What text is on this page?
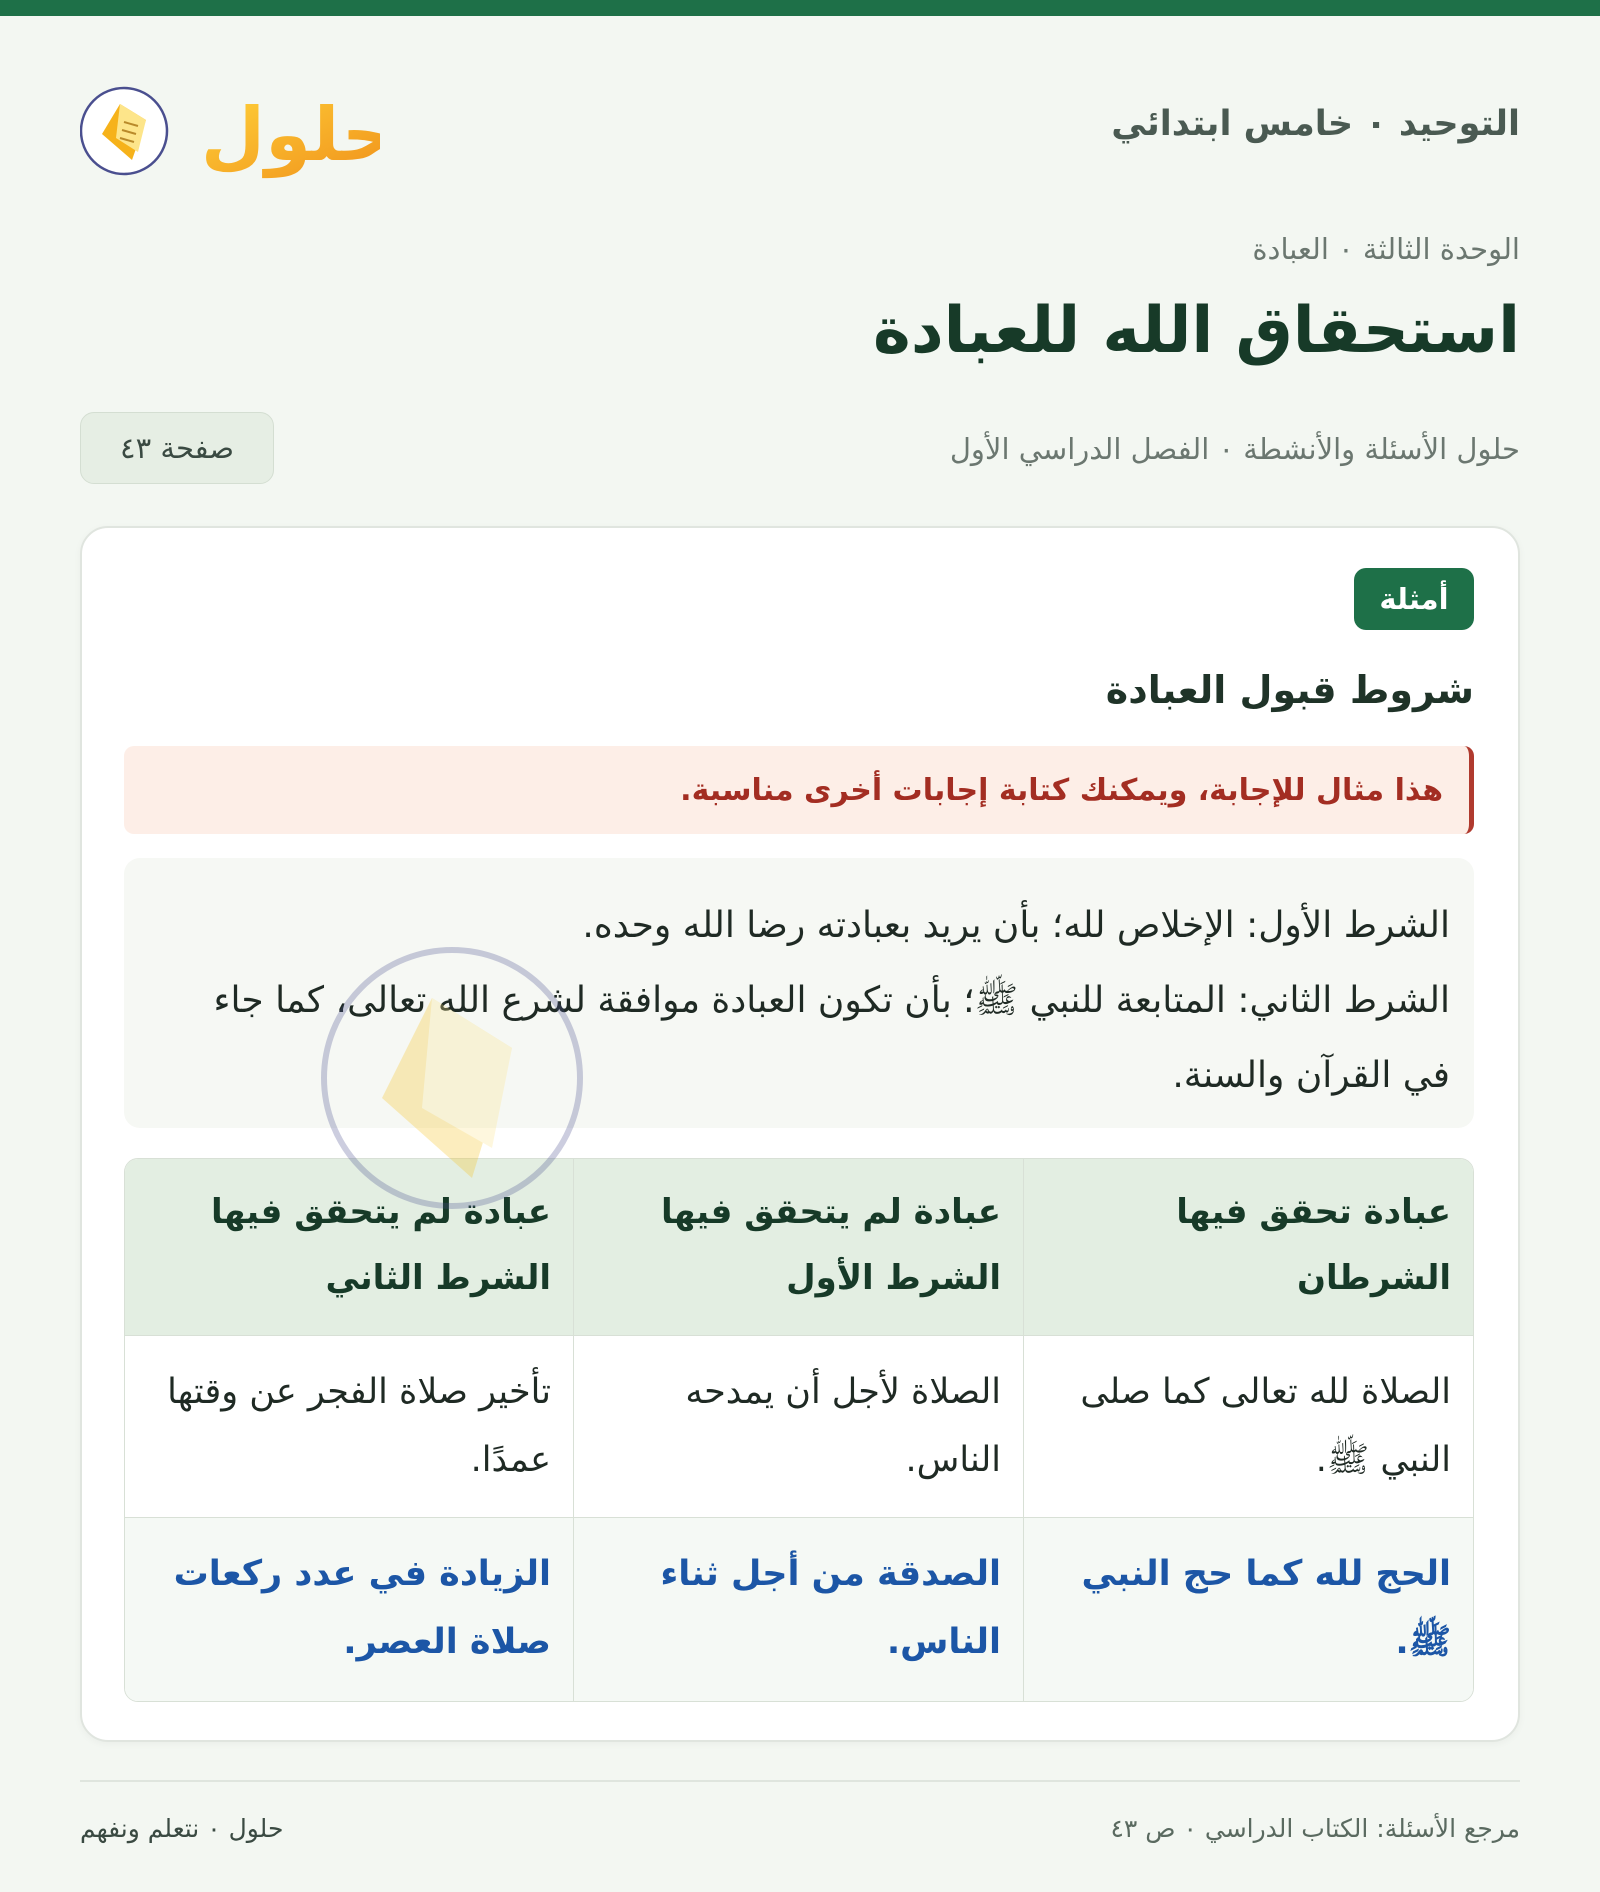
التوحيد ٠ خامس ابتدائي
حلول
الوحدة الثالثة ٠ العبادة
استحقاق الله للعبادة
حلول الأسئلة والأنشطة ٠ الفصل الدراسي الأول
صفحة ٤٣
أمثلة
شروط قبول العبادة
هذا مثال للإجابة، ويمكنك كتابة إجابات أخرى مناسبة.

الشرط الأول: الإخلاص لله؛ بأن يريد بعبادته رضا الله وحده.

الشرط الثاني: المتابعة للنبي ﷺ؛ بأن تكون العبادة موافقة لشرع الله تعالى، كما جاء في القرآن والسنة.

عبادة تحقق فيها الشرطان
عبادة لم يتحقق فيها الشرط الأول
عبادة لم يتحقق فيها الشرط الثاني
الصلاة لله تعالى كما صلى النبي ﷺ.
الصلاة لأجل أن يمدحه الناس.
تأخير صلاة الفجر عن وقتها عمدًا.
الحج لله كما حج النبي ﷺ.
الصدقة من أجل ثناء الناس.
الزيادة في عدد ركعات صلاة العصر.
مرجع الأسئلة: الكتاب الدراسي ٠ ص ٤٣
حلول ٠ نتعلم ونفهم
